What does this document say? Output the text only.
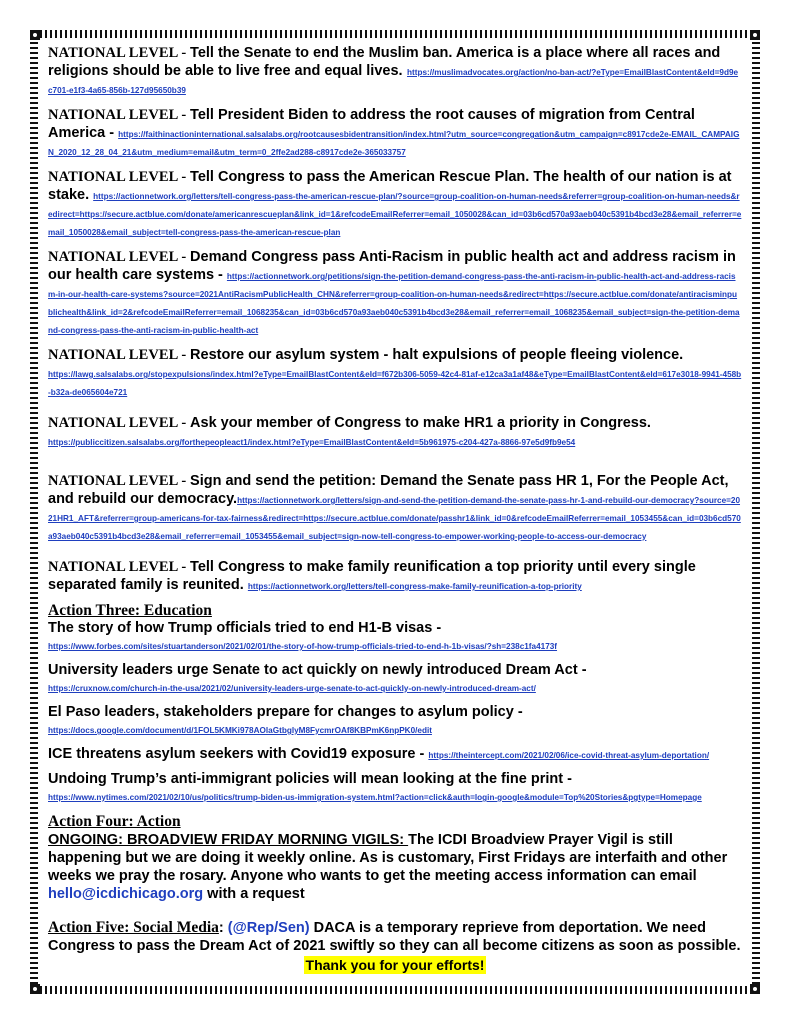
NATIONAL LEVEL - Tell the Senate to end the Muslim ban. America is a place where all races and religions should be able to live free and equal lives. https://muslimadvocates.org/action/no-ban-act/?eType=EmailBlastContent&eId=9d9ec701-e1f3-4a65-856b-127d95650b39
NATIONAL LEVEL - Tell President Biden to address the root causes of migration from Central America - https://faithinactioninternational.salsalabs.org/rootcausesbidentransition/index.html?utm_source=congregation&utm_campaign=c8917cde2e-EMAIL_CAMPAIGN_2020_12_28_04_21&utm_medium=email&utm_term=0_2ffe2ad288-c8917cde2e-365033757
NATIONAL LEVEL - Tell Congress to pass the American Rescue Plan. The health of our nation is at stake. https://actionnetwork.org/letters/tell-congress-pass-the-american-rescue-plan/?source=group-coalition-on-human-needs&referrer=group-coalition-on-human-needs&redirect=https://secure.actblue.com/donate/americanrescueplan&link_id=1&refcodeEmailReferrer=email_1050028&can_id=03b6cd570a93aeb040c5391b4bcd3e28&email_referrer=email_1050028&email_subject=tell-congress-pass-the-american-rescue-plan
NATIONAL LEVEL - Demand Congress pass Anti-Racism in public health act and address racism in our health care systems - https://actionnetwork.org/petitions/sign-the-petition-demand-congress-pass-the-anti-racism-in-public-health-act-and-address-racism-in-our-health-care-systems?source=2021AntiRacismPublicHealth_CHN&referrer=group-coalition-on-human-needs&redirect=https://secure.actblue.com/donate/antiracisminpublichealth&link_id=2&refcodeEmailReferrer=email_1068235&can_id=03b6cd570a93aeb040c5391b4bcd3e28&email_referrer=email_1068235&email_subject=sign-the-petition-demand-congress-pass-the-anti-racism-in-public-health-act
NATIONAL LEVEL - Restore our asylum system - halt expulsions of people fleeing violence.
https://lawg.salsalabs.org/stopexpulsions/index.html?eType=EmailBlastContent&eId=f672b306-5059-42c4-81af-e12ca3a1af48&eType=EmailBlastContent&eId=617e3018-9941-458b-b32a-de065604e721
NATIONAL LEVEL - Ask your member of Congress to make HR1 a priority in Congress.
https://publiccitizen.salsalabs.org/forthepeopleact1/index.html?eType=EmailBlastContent&eId=5b961975-c204-427a-8866-97e5d9fb9e54
NATIONAL LEVEL - Sign and send the petition: Demand the Senate pass HR 1, For the People Act, and rebuild our democracy.https://actionnetwork.org/letters/sign-and-send-the-petition-demand-the-senate-pass-hr-1-and-rebuild-our-democracy?source=2021HR1_AFT&referrer=group-americans-for-tax-fairness&redirect=https://secure.actblue.com/donate/passhr1&link_id=0&refcodeEmailReferrer=email_1053455&can_id=03b6cd570a93aeb040c5391b4bcd3e28&email_referrer=email_1053455&email_subject=sign-now-tell-congress-to-empower-working-people-to-access-our-democracy
NATIONAL LEVEL - Tell Congress to make family reunification a top priority until every single separated family is reunited. https://actionnetwork.org/letters/tell-congress-make-family-reunification-a-top-priority
Action Three: Education
The story of how Trump officials tried to end H1-B visas -
https://www.forbes.com/sites/stuartanderson/2021/02/01/the-story-of-how-trump-officials-tried-to-end-h-1b-visas/?sh=238c1fa4173f
University leaders urge Senate to act quickly on newly introduced Dream Act -
https://cruxnow.com/church-in-the-usa/2021/02/university-leaders-urge-senate-to-act-quickly-on-newly-introduced-dream-act/
El Paso leaders, stakeholders prepare for changes to asylum policy -
https://docs.google.com/document/d/1FOL5KMKi978AOlaGtbglyM8FycmrOAf8KBPmK6npPK0/edit
ICE threatens asylum seekers with Covid19 exposure - https://theintercept.com/2021/02/06/ice-covid-threat-asylum-deportation/
Undoing Trump’s anti-immigrant policies will mean looking at the fine print -
https://www.nytimes.com/2021/02/10/us/politics/trump-biden-us-immigration-system.html?action=click&auth=login-google&module=Top%20Stories&pgtype=Homepage
Action Four: Action
ONGOING: BROADVIEW FRIDAY MORNING VIGILS: The ICDI Broadview Prayer Vigil is still happening but we are doing it weekly online. As is customary, First Fridays are interfaith and other weeks we pray the rosary. Anyone who wants to get the meeting access information can email hello@icdichicago.org with a request
Action Five: Social Media: (@Rep/Sen) DACA is a temporary reprieve from deportation. We need Congress to pass the Dream Act of 2021 swiftly so they can all become citizens as soon as possible.
Thank you for your efforts!
